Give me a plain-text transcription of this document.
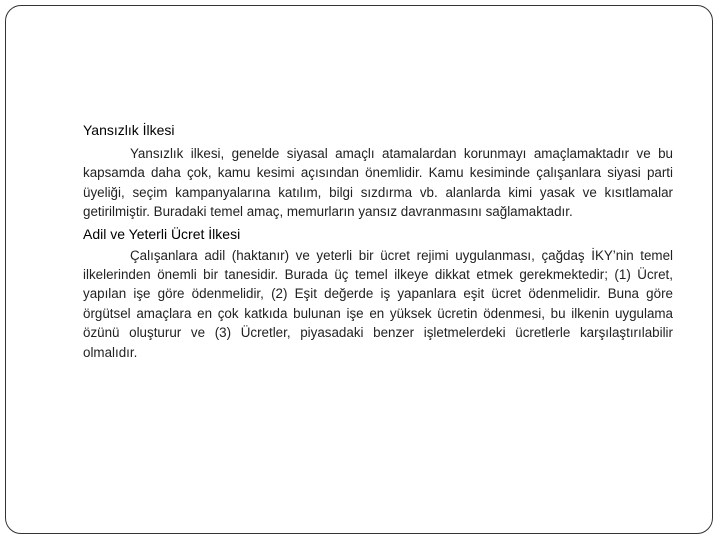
Yansızlık İlkesi

Yansızlık ilkesi, genelde siyasal amaçlı atamalardan korunmayı amaçlamaktadır ve bu kapsamda daha çok, kamu kesimi açısından önemlidir. Kamu kesiminde çalışanlara siyasi parti üyeliği, seçim kampanyalarına katılım, bilgi sızdırma vb. alanlarda kimi yasak ve kısıtlamalar getirilmiştir. Buradaki temel amaç, memurların yansız davranmasını sağlamaktadır.

Adil ve Yeterli Ücret İlkesi

Çalışanlara adil (haktanır) ve yeterli bir ücret rejimi uygulanması, çağdaş İKY’nin temel ilkelerinden önemli bir tanesidir. Burada üç temel ilkeye dikkat etmek gerekmektedir; (1) Ücret, yapılan işe göre ödenmelidir, (2) Eşit değerde iş yapanlara eşit ücret ödenmelidir. Buna göre örgütsel amaçlara en çok katkıda bulunan işe en yüksek ücretin ödenmesi, bu ilkenin uygulama özünü oluşturur ve (3) Ücretler, piyasadaki benzer işletmelerdeki ücretlerle karşılaştırılabilir olmalıdır.
